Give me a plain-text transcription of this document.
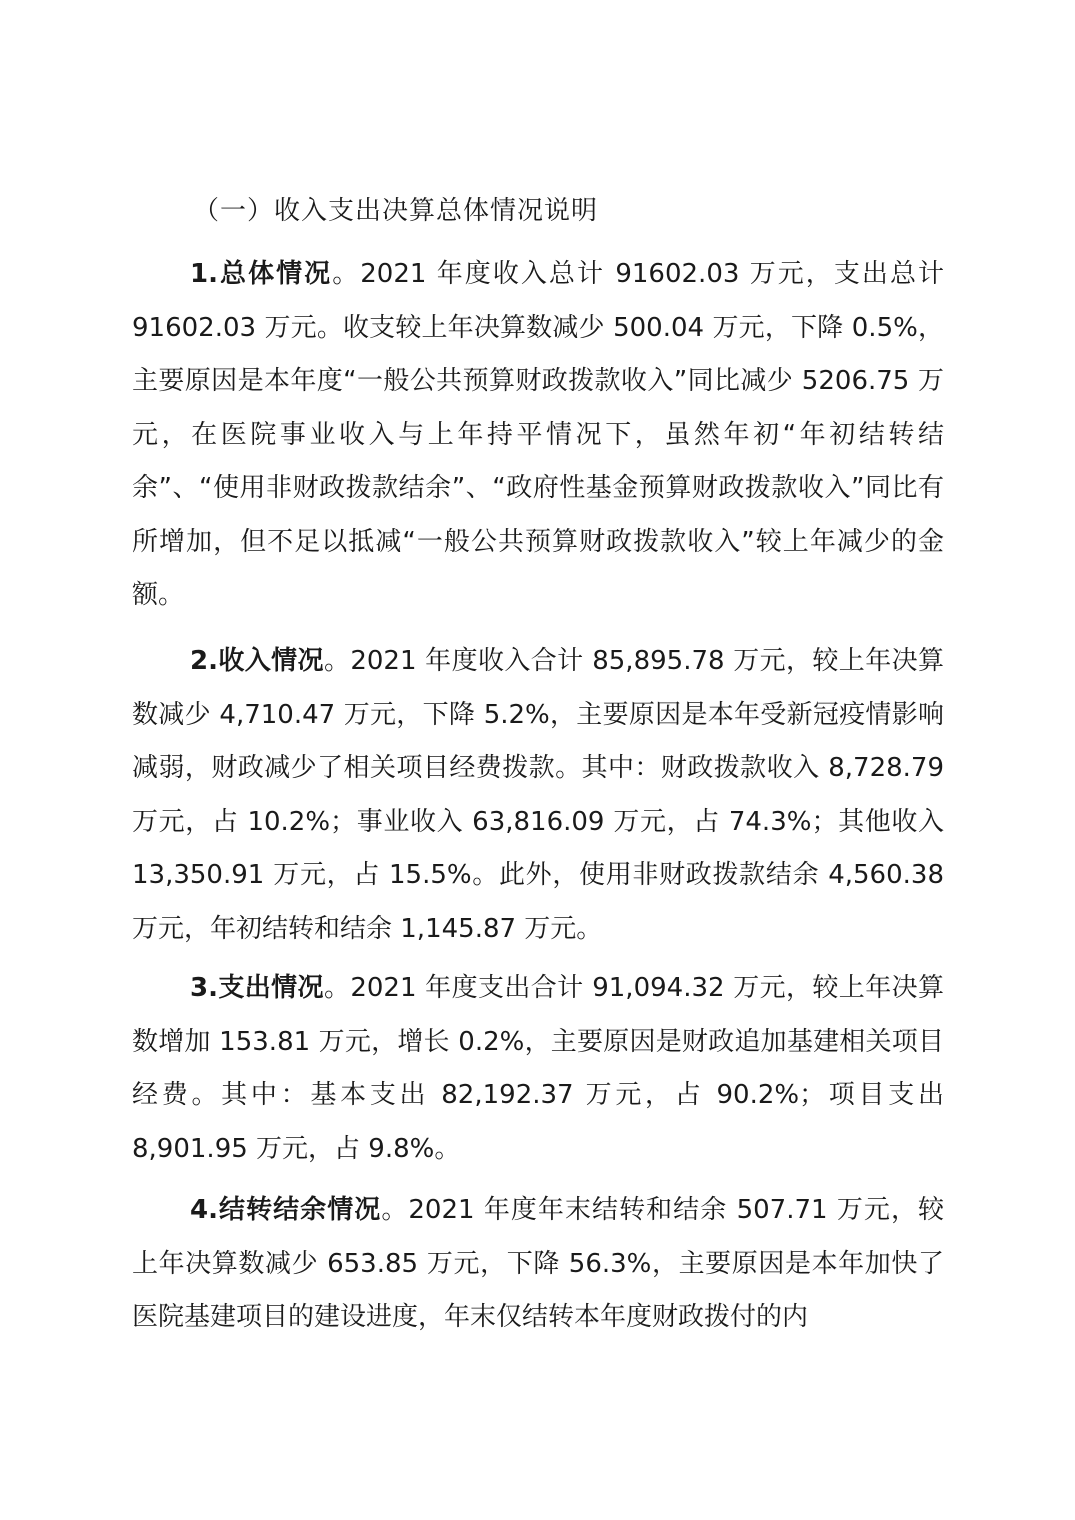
（一）收入支出决算总体情况说明

1.总体情况。2021 年度收入总计 91602.03 万元，支出总计 91602.03 万元。收支较上年决算数减少 500.04 万元，下降 0.5%，主要原因是本年度“一般公共预算财政拨款收入”同比减少 5206.75 万元，在医院事业收入与上年持平情况下，虽然年初“年初结转结余”、“使用非财政拨款结余”、“政府性基金预算财政拨款收入”同比有所增加，但不足以抵减“一般公共预算财政拨款收入”较上年减少的金额。

2.收入情况。2021 年度收入合计 85,895.78 万元，较上年决算数减少 4,710.47 万元，下降 5.2%，主要原因是本年受新冠疫情影响减弱，财政减少了相关项目经费拨款。其中：财政拨款收入 8,728.79 万元，占 10.2%；事业收入 63,816.09 万元，占 74.3%；其他收入 13,350.91 万元，占 15.5%。此外，使用非财政拨款结余 4,560.38 万元，年初结转和结余 1,145.87 万元。

3.支出情况。2021 年度支出合计 91,094.32 万元，较上年决算数增加 153.81 万元，增长 0.2%，主要原因是财政追加基建相关项目经费。其中：基本支出 82,192.37 万元，占 90.2%；项目支出 8,901.95 万元，占 9.8%。

4.结转结余情况。2021 年度年末结转和结余 507.71 万元，较上年决算数减少 653.85 万元，下降 56.3%，主要原因是本年加快了医院基建项目的建设进度，年末仅结转本年度财政拨付的内
